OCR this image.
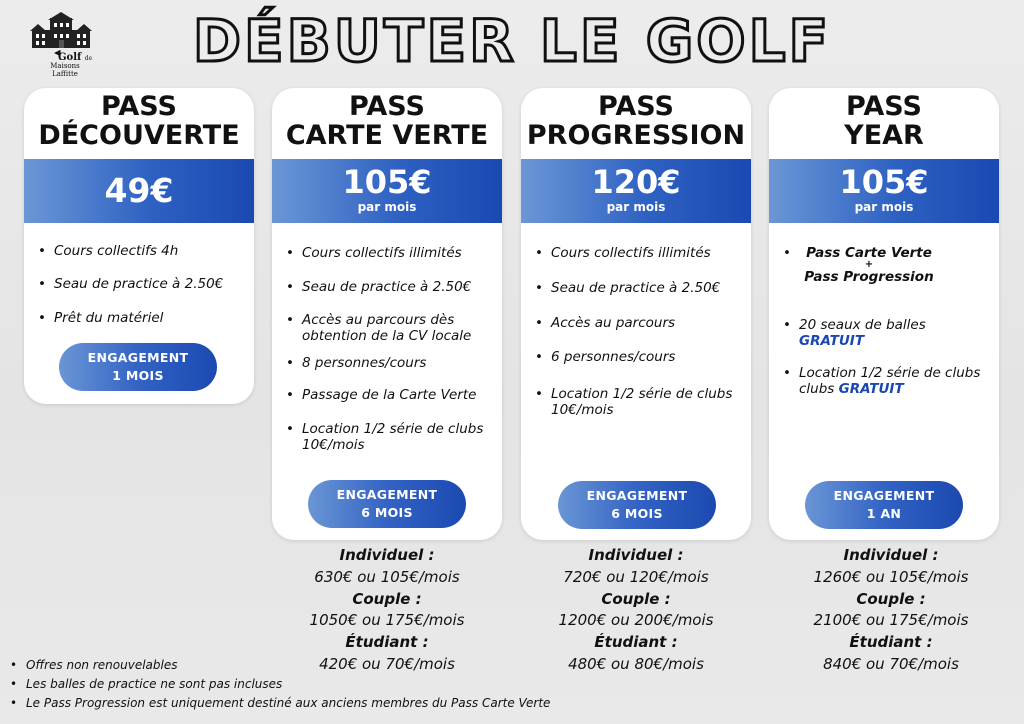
Golf de
Maisons
Laffitte	DÉBUTER LE GOLF
PASS
DÉCOUVERTE
49€
• Cours collectifs 4h
• Seau de practice à 2.50€
• Prêt du matériel
ENGAGEMENT
1 MOIS
PASS
CARTE VERTE
105€
par mois
• Cours collectifs illimités
• Seau de practice à 2.50€
• Accès au parcours dès obtention de la CV locale
• 8 personnes/cours
• Passage de la Carte Verte
• Location 1/2 série de clubs 10€/mois
ENGAGEMENT
6 MOIS
PASS
PROGRESSION
120€
par mois
• Cours collectifs illimités
• Seau de practice à 2.50€
• Accès au parcours
• 6 personnes/cours
• Location 1/2 série de clubs 10€/mois
ENGAGEMENT
6 MOIS
PASS
YEAR
105€
par mois
• Pass Carte Verte
+
Pass Progression
• 20 seaux de balles
GRATUIT
• Location 1/2 série de clubs
clubs GRATUIT
ENGAGEMENT
1 AN
Individuel :
630€ ou 105€/mois
Couple :
1050€ ou 175€/mois
Étudiant :
420€ ou 70€/mois
Individuel :
720€ ou 120€/mois
Couple :
1200€ ou 200€/mois
Étudiant :
480€ ou 80€/mois
Individuel :
1260€ ou 105€/mois
Couple :
2100€ ou 175€/mois
Étudiant :
840€ ou 70€/mois
• Offres non renouvelables
• Les balles de practice ne sont pas incluses
• Le Pass Progression est uniquement destiné aux anciens membres du Pass Carte Verte
